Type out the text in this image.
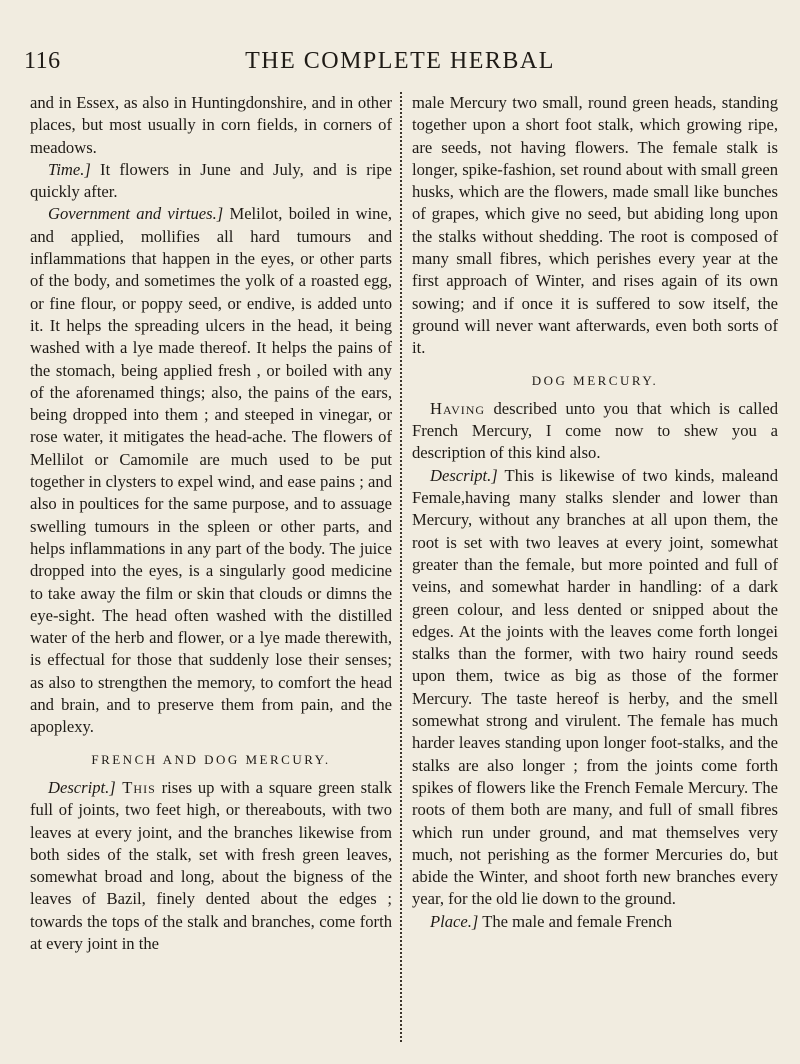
116	THE COMPLETE HERBAL

and in Essex, as also in Huntingdonshire, and in other places, but most usually in corn fields, in corners of meadows.

Time.] It flowers in June and July, and is ripe quickly after.

Government and virtues.] Melilot, boiled in wine, and applied, mollifies all hard tumours and inflammations that happen in the eyes, or other parts of the body, and sometimes the yolk of a roasted egg, or fine flour, or poppy seed, or endive, is added unto it. It helps the spreading ulcers in the head, it being washed with a lye made thereof. It helps the pains of the stomach, being applied fresh , or boiled with any of the aforenamed things; also, the pains of the ears, being dropped into them ; and steeped in vinegar, or rose water, it mitigates the head-ache. The flowers of Mellilot or Camomile are much used to be put together in clysters to expel wind, and ease pains ; and also in poultices for the same purpose, and to assuage swelling tumours in the spleen or other parts, and helps inflammations in any part of the body. The juice dropped into the eyes, is a singularly good medicine to take away the film or skin that clouds or dimns the eye-sight. The head often washed with the distilled water of the herb and flower, or a lye made therewith, is effectual for those that suddenly lose their senses; as also to strengthen the memory, to comfort the head and brain, and to preserve them from pain, and the apoplexy.

FRENCH AND DOG MERCURY.

Descript.] This rises up with a square green stalk full of joints, two feet high, or thereabouts, with two leaves at every joint, and the branches likewise from both sides of the stalk, set with fresh green leaves, somewhat broad and long, about the bigness of the leaves of Bazil, finely dented about the edges ; towards the tops of the stalk and branches, come forth at every joint in the

male Mercury two small, round green heads, standing together upon a short foot stalk, which growing ripe, are seeds, not having flowers. The female stalk is longer, spike-fashion, set round about with small green husks, which are the flowers, made small like bunches of grapes, which give no seed, but abiding long upon the stalks without shedding. The root is composed of many small fibres, which perishes every year at the first approach of Winter, and rises again of its own sowing; and if once it is suffered to sow itself, the ground will never want afterwards, even both sorts of it.

DOG MERCURY.

Having described unto you that which is called French Mercury, I come now to shew you a description of this kind also.

Descript.] This is likewise of two kinds, maleand Female,having many stalks slender and lower than Mercury, without any branches at all upon them, the root is set with two leaves at every joint, somewhat greater than the female, but more pointed and full of veins, and somewhat harder in handling: of a dark green colour, and less dented or snipped about the edges. At the joints with the leaves come forth longei stalks than the former, with two hairy round seeds upon them, twice as big as those of the former Mercury. The taste hereof is herby, and the smell somewhat strong and virulent. The female has much harder leaves standing upon longer foot-stalks, and the stalks are also longer ; from the joints come forth spikes of flowers like the French Female Mercury. The roots of them both are many, and full of small fibres which run under ground, and mat themselves very much, not perishing as the former Mercuries do, but abide the Winter, and shoot forth new branches every year, for the old lie down to the ground.

Place.] The male and female French
